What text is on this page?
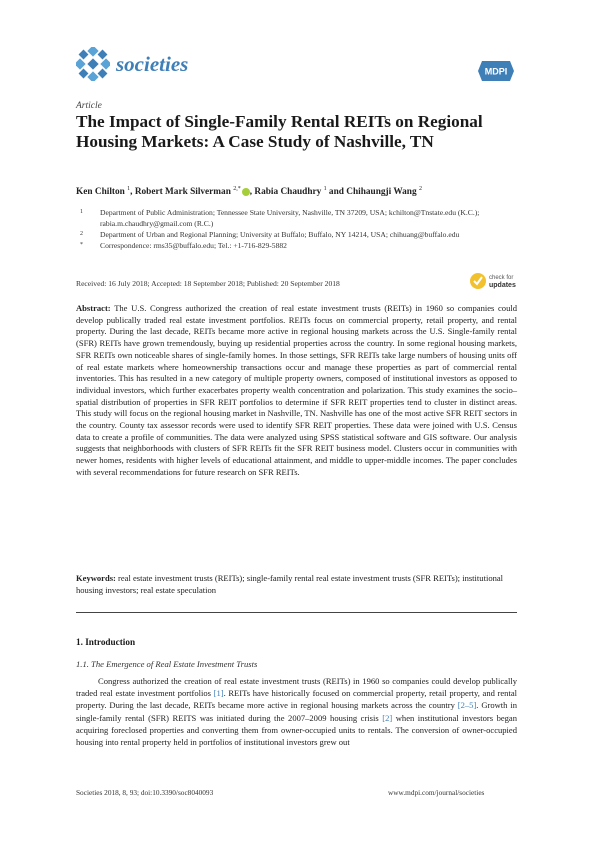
societies	MDPI
Article
The Impact of Single-Family Rental REITs on Regional Housing Markets: A Case Study of Nashville, TN
Ken Chilton $^1$, Robert Mark Silverman $^{2,*}$ , Rabia Chaudhry $^1$ and Chihaungji Wang $^2$
1	Department of Public Administration; Tennessee State University, Nashville, TN 37209, USA; kchilton@Tnstate.edu (K.C.); rabia.m.chaudhry@gmail.com (R.C.)
2	Department of Urban and Regional Planning; University at Buffalo; Buffalo, NY 14214, USA; chihuang@buffalo.edu
*	Correspondence: rms35@buffalo.edu; Tel.: +1-716-829-5882
Received: 16 July 2018; Accepted: 18 September 2018; Published: 20 September 2018
check for
updates
Abstract: The U.S. Congress authorized the creation of real estate investment trusts (REITs) in 1960 so companies could develop publically traded real estate investment portfolios. REITs focus on commercial property, retail property, and rental property. During the last decade, REITs became more active in regional housing markets across the U.S. Single-family rental (SFR) REITs have grown tremendously, buying up residential properties across the country. In some regional housing markets, SFR REITs own noticeable shares of single-family homes. In those settings, SFR REITs take large numbers of housing units off of real estate markets where homeownership transactions occur and manage these properties as part of commercial rental inventories. This has resulted in a new category of multiple property owners, composed of institutional investors as opposed to individual investors, which further exacerbates property wealth concentration and polarization. This study examines the socio–spatial distribution of properties in SFR REIT portfolios to determine if SFR REIT properties tend to cluster in distinct areas. This study will focus on the regional housing market in Nashville, TN. Nashville has one of the most active SFR REIT sectors in the country. County tax assessor records were used to identify SFR REIT properties. These data were joined with U.S. Census data to create a profile of communities. The data were analyzed using SPSS statistical software and GIS software. Our analysis suggests that neighborhoods with clusters of SFR REITs fit the SFR REIT business model. Clusters occur in communities with newer homes, residents with higher levels of educational attainment, and middle to upper-middle incomes. The paper concludes with several recommendations for future research on SFR REITs.
Keywords: real estate investment trusts (REITs); single-family rental real estate investment trusts (SFR REITs); institutional housing investors; real estate speculation
1. Introduction
1.1. The Emergence of Real Estate Investment Trusts
Congress authorized the creation of real estate investment trusts (REITs) in 1960 so companies could develop publically traded real estate investment portfolios [1]. REITs have historically focused on commercial property, retail property, and rental property. During the last decade, REITs became more active in regional housing markets across the country [2–5]. Growth in single-family rental (SFR) REITS was initiated during the 2007–2009 housing crisis [2] when institutional investors began acquiring foreclosed properties and converting them from owner-occupied units to rentals. The conversion of owner-occupied housing into rental property held in portfolios of institutional investors grew out
Societies 2018, 8, 93; doi:10.3390/soc8040093	www.mdpi.com/journal/societies
